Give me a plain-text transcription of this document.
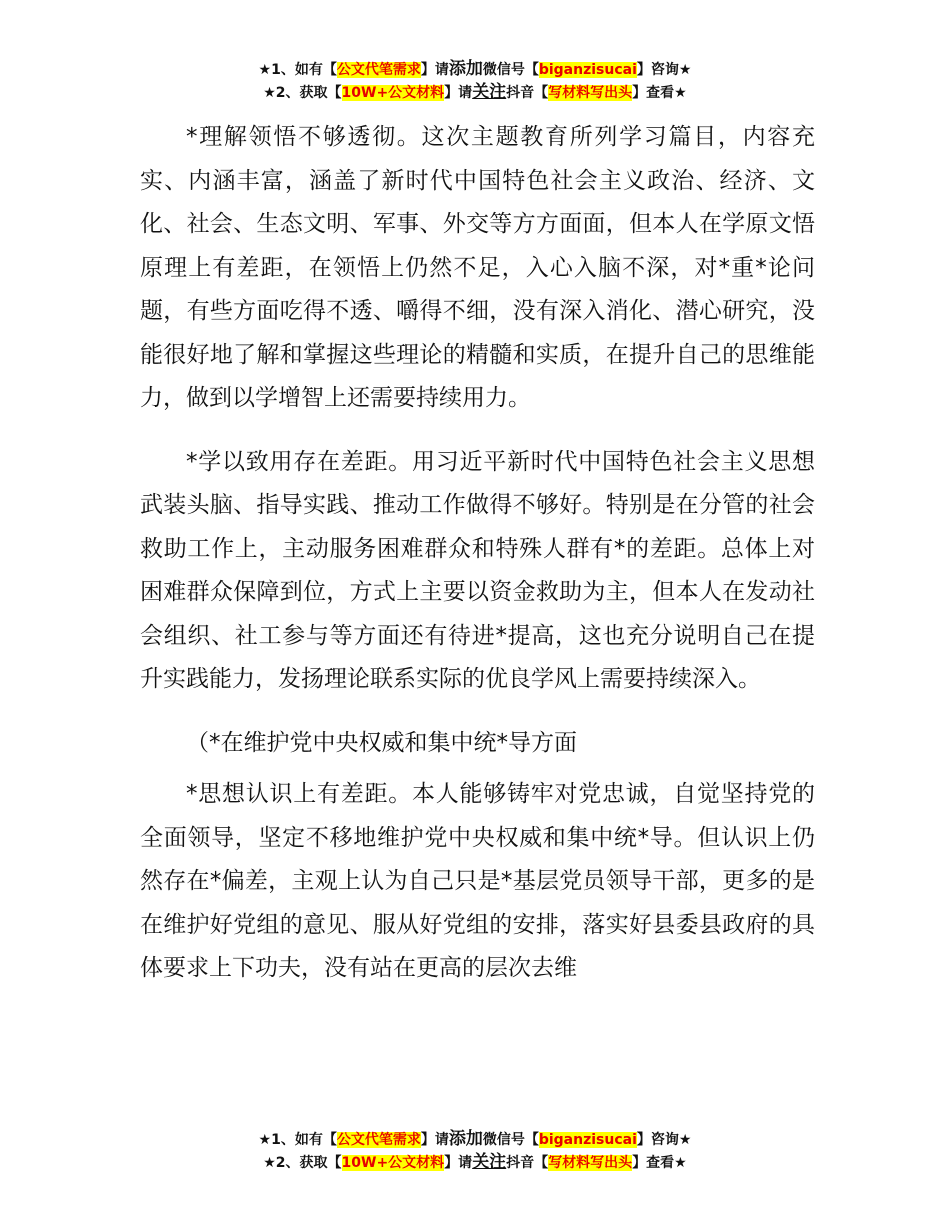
★1、如有【公文代笔需求】请添加微信号【biganzisucai】咨询★
★2、获取【10W+公文材料】请关注抖音【写材料写出头】查看★

*理解领悟不够透彻。这次主题教育所列学习篇目，内容充实、内涵丰富，涵盖了新时代中国特色社会主义政治、经济、文化、社会、生态文明、军事、外交等方方面面，但本人在学原文悟原理上有差距，在领悟上仍然不足，入心入脑不深，对*重*论问题，有些方面吃得不透、嚼得不细，没有深入消化、潜心研究，没能很好地了解和掌握这些理论的精髓和实质，在提升自己的思维能力，做到以学增智上还需要持续用力。

*学以致用存在差距。用习近平新时代中国特色社会主义思想武装头脑、指导实践、推动工作做得不够好。特别是在分管的社会救助工作上，主动服务困难群众和特殊人群有*的差距。总体上对困难群众保障到位，方式上主要以资金救助为主，但本人在发动社会组织、社工参与等方面还有待进*提高，这也充分说明自己在提升实践能力，发扬理论联系实际的优良学风上需要持续深入。

（*在维护党中央权威和集中统*导方面

*思想认识上有差距。本人能够铸牢对党忠诚，自觉坚持党的全面领导，坚定不移地维护党中央权威和集中统*导。但认识上仍然存在*偏差，主观上认为自己只是*基层党员领导干部，更多的是在维护好党组的意见、服从好党组的安排，落实好县委县政府的具体要求上下功夫，没有站在更高的层次去维

★1、如有【公文代笔需求】请添加微信号【biganzisucai】咨询★
★2、获取【10W+公文材料】请关注抖音【写材料写出头】查看★
